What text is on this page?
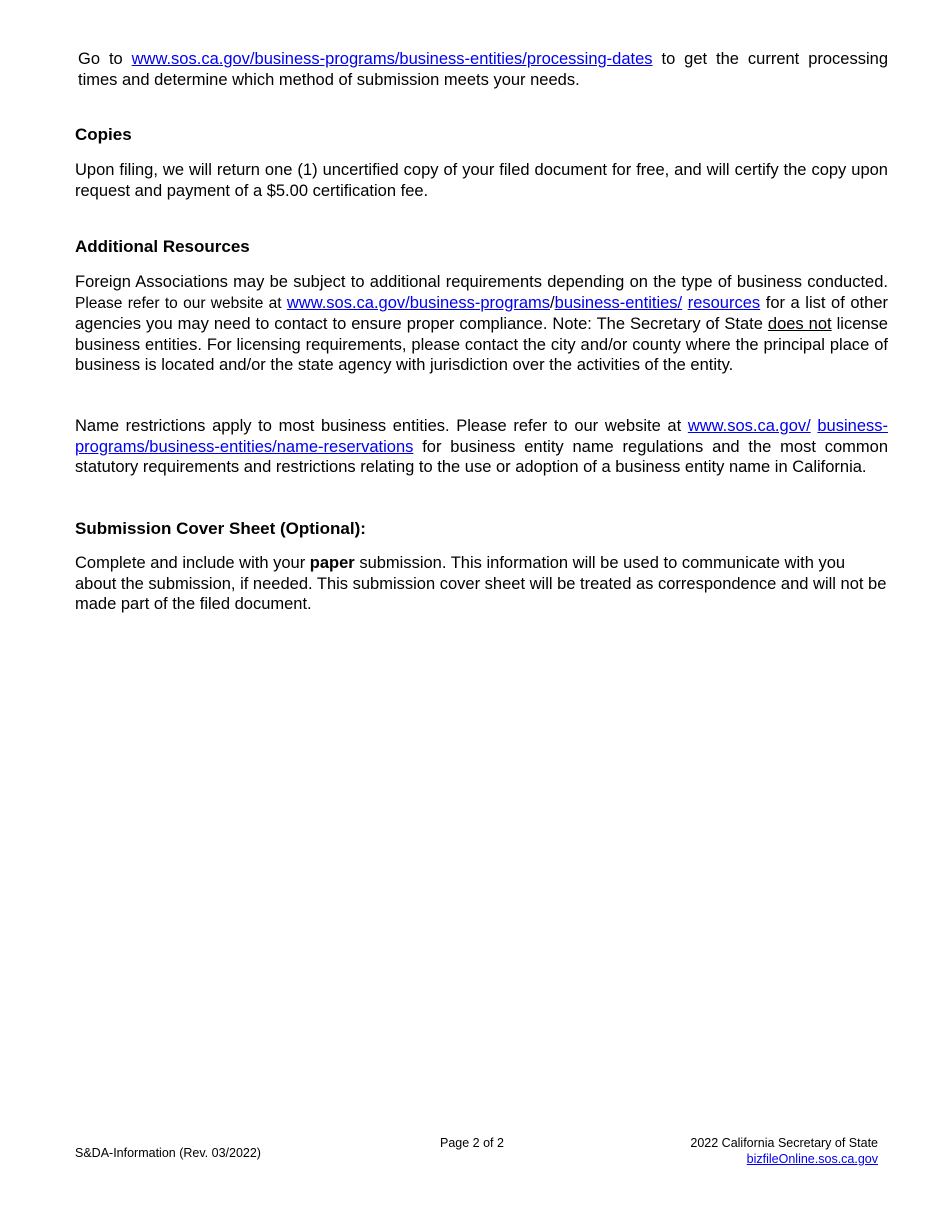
Go to www.sos.ca.gov/business-programs/business-entities/processing-dates to get the current processing times and determine which method of submission meets your needs.
Copies
Upon filing, we will return one (1) uncertified copy of your filed document for free, and will certify the copy upon request and payment of a $5.00 certification fee.
Additional Resources
Foreign Associations may be subject to additional requirements depending on the type of business conducted. Please refer to our website at www.sos.ca.gov/business-programs/business-entities/ resources for a list of other agencies you may need to contact to ensure proper compliance. Note: The Secretary of State does not license business entities. For licensing requirements, please contact the city and/or county where the principal place of business is located and/or the state agency with jurisdiction over the activities of the entity.
Name restrictions apply to most business entities. Please refer to our website at www.sos.ca.gov/ business-programs/business-entities/name-reservations for business entity name regulations and the most common statutory requirements and restrictions relating to the use or adoption of a business entity name in California.
Submission Cover Sheet (Optional):
Complete and include with your paper submission. This information will be used to communicate with you about the submission, if needed. This submission cover sheet will be treated as correspondence and will not be made part of the filed document.
S&DA-Information (Rev. 03/2022)
Page 2 of 2	2022 California Secretary of State
bizfileOnline.sos.ca.gov
